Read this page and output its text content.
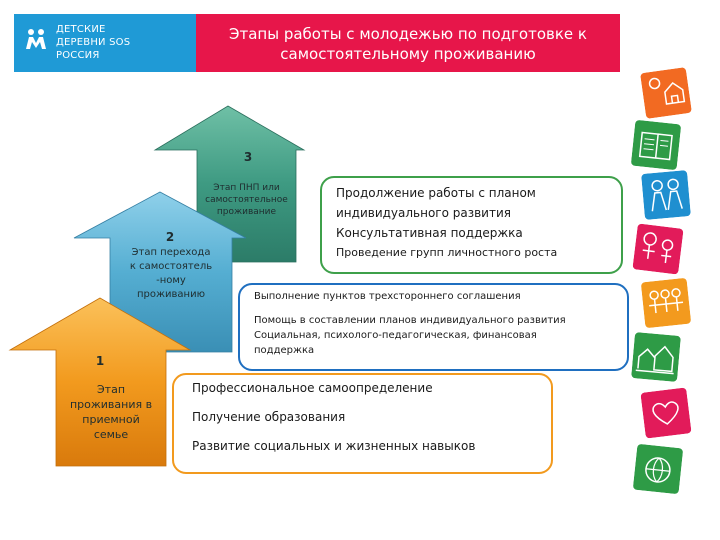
ДЕТСКИЕ
ДЕРЕВНИ SOS
РОССИЯ
Этапы работы с молодежью по подготовке к
самостоятельному проживанию
3
Этап ПНП или
самостоятельное
проживание
2
Этап перехода
к самостоятель
-ному
проживанию
1
Этап
проживания в
приемной
семье
Продолжение работы с планом
индивидуального развития
Консультативная поддержка
Проведение групп личностного роста
Выполнение пунктов трехстороннего соглашения
Помощь в составлении планов индивидуального развития
Социальная, психолого-педагогическая, финансовая
поддержка
Профессиональное самоопределение
Получение образования
Развитие социальных и жизненных навыков
